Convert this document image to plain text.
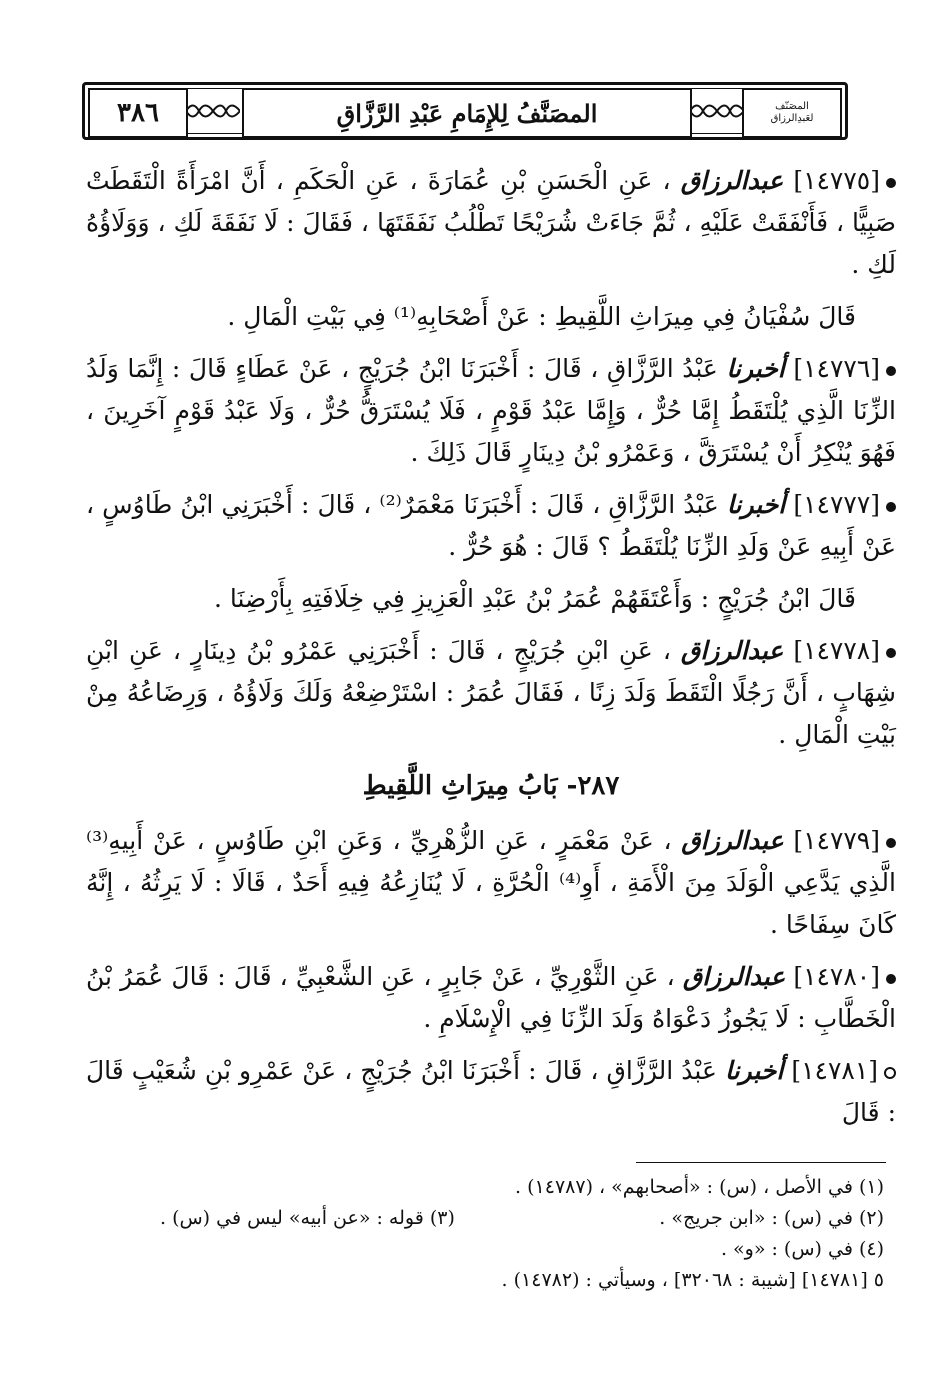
٣٨٦	المصَنَّفُ لِلإِمَامِ عَبْدِ الرَّزَّاقِ	المصَنّف
لعَبدِالرزاق

[١٤٧٧٥] عبدالرزاق ، عَنِ الْحَسَنِ بْنِ عُمَارَةَ ، عَنِ الْحَكَمِ ، أَنَّ امْرَأَةً الْتَقَطَتْ صَبِيًّا ، فَأَنْفَقَتْ عَلَيْهِ ، ثُمَّ جَاءَتْ شُرَيْحًا تَطْلُبُ نَفَقَتَهَا ، فَقَالَ : لَا نَفَقَةَ لَكِ ، وَوَلَاؤُهُ لَكِ .

قَالَ سُفْيَانُ فِي مِيرَاثِ اللَّقِيطِ : عَنْ أَصْحَابِهِ⁽¹⁾ فِي بَيْتِ الْمَالِ .

[١٤٧٧٦] أخبرنا عَبْدُ الرَّزَّاقِ ، قَالَ : أَخْبَرَنَا ابْنُ جُرَيْجٍ ، عَنْ عَطَاءٍ قَالَ : إِنَّمَا وَلَدُ الزِّنَا الَّذِي يُلْتَقَطُ إِمَّا حُرٌّ ، وَإِمَّا عَبْدُ قَوْمٍ ، فَلَا يُسْتَرَقُّ حُرٌّ ، وَلَا عَبْدُ قَوْمٍ آخَرِينَ ، فَهُوَ يُنْكِرُ أَنْ يُسْتَرَقَّ ، وَعَمْرُو بْنُ دِينَارٍ قَالَ ذَلِكَ .

[١٤٧٧٧] أخبرنا عَبْدُ الرَّزَّاقِ ، قَالَ : أَخْبَرَنَا مَعْمَرٌ⁽²⁾ ، قَالَ : أَخْبَرَنِي ابْنُ طَاوُسٍ ، عَنْ أَبِيهِ عَنْ وَلَدِ الزِّنَا يُلْتَقَطُ ؟ قَالَ : هُوَ حُرٌّ .

قَالَ ابْنُ جُرَيْجٍ : وَأَعْتَقَهُمْ عُمَرُ بْنُ عَبْدِ الْعَزِيزِ فِي خِلَافَتِهِ بِأَرْضِنَا .

[١٤٧٧٨] عبدالرزاق ، عَنِ ابْنِ جُرَيْجٍ ، قَالَ : أَخْبَرَنِي عَمْرُو بْنُ دِينَارٍ ، عَنِ ابْنِ شِهَابٍ ، أَنَّ رَجُلًا الْتَقَطَ وَلَدَ زِنًا ، فَقَالَ عُمَرُ : اسْتَرْضِعْهُ وَلَكَ وَلَاؤُهُ ، وَرِضَاعُهُ مِنْ بَيْتِ الْمَالِ .

٢٨٧- بَابُ مِيرَاثِ اللَّقِيطِ

[١٤٧٧٩] عبدالرزاق ، عَنْ مَعْمَرٍ ، عَنِ الزُّهْرِيِّ ، وَعَنِ ابْنِ طَاوُسٍ ، عَنْ أَبِيهِ⁽³⁾ الَّذِي يَدَّعِي الْوَلَدَ مِنَ الْأَمَةِ ، أَوِ⁽⁴⁾ الْحُرَّةِ ، لَا يُنَازِعُهُ فِيهِ أَحَدٌ ، قَالَا : لَا يَرِثُهُ ، إِنَّهُ كَانَ سِفَاحًا .

[١٤٧٨٠] عبدالرزاق ، عَنِ الثَّوْرِيِّ ، عَنْ جَابِرٍ ، عَنِ الشَّعْبِيِّ ، قَالَ : قَالَ عُمَرُ بْنُ الْخَطَّابِ : لَا يَجُوزُ دَعْوَاهُ وَلَدَ الزِّنَا فِي الْإِسْلَامِ .

[١٤٧٨١] أخبرنا عَبْدُ الرَّزَّاقِ ، قَالَ : أَخْبَرَنَا ابْنُ جُرَيْجٍ ، عَنْ عَمْرِو بْنِ شُعَيْبٍ قَالَ : قَالَ

(١) في الأصل ، (س) : «أصحابهم» ، (١٤٧٨٧) .
(٢) في (س) : «ابن جريج» .
(٣) قوله : «عن أبيه» ليس في (س) .
(٤) في (س) : «و» .
٥ [١٤٧٨١] [شيبة : ٣٢٠٦٨] ، وسيأتي : (١٤٧٨٢) .
